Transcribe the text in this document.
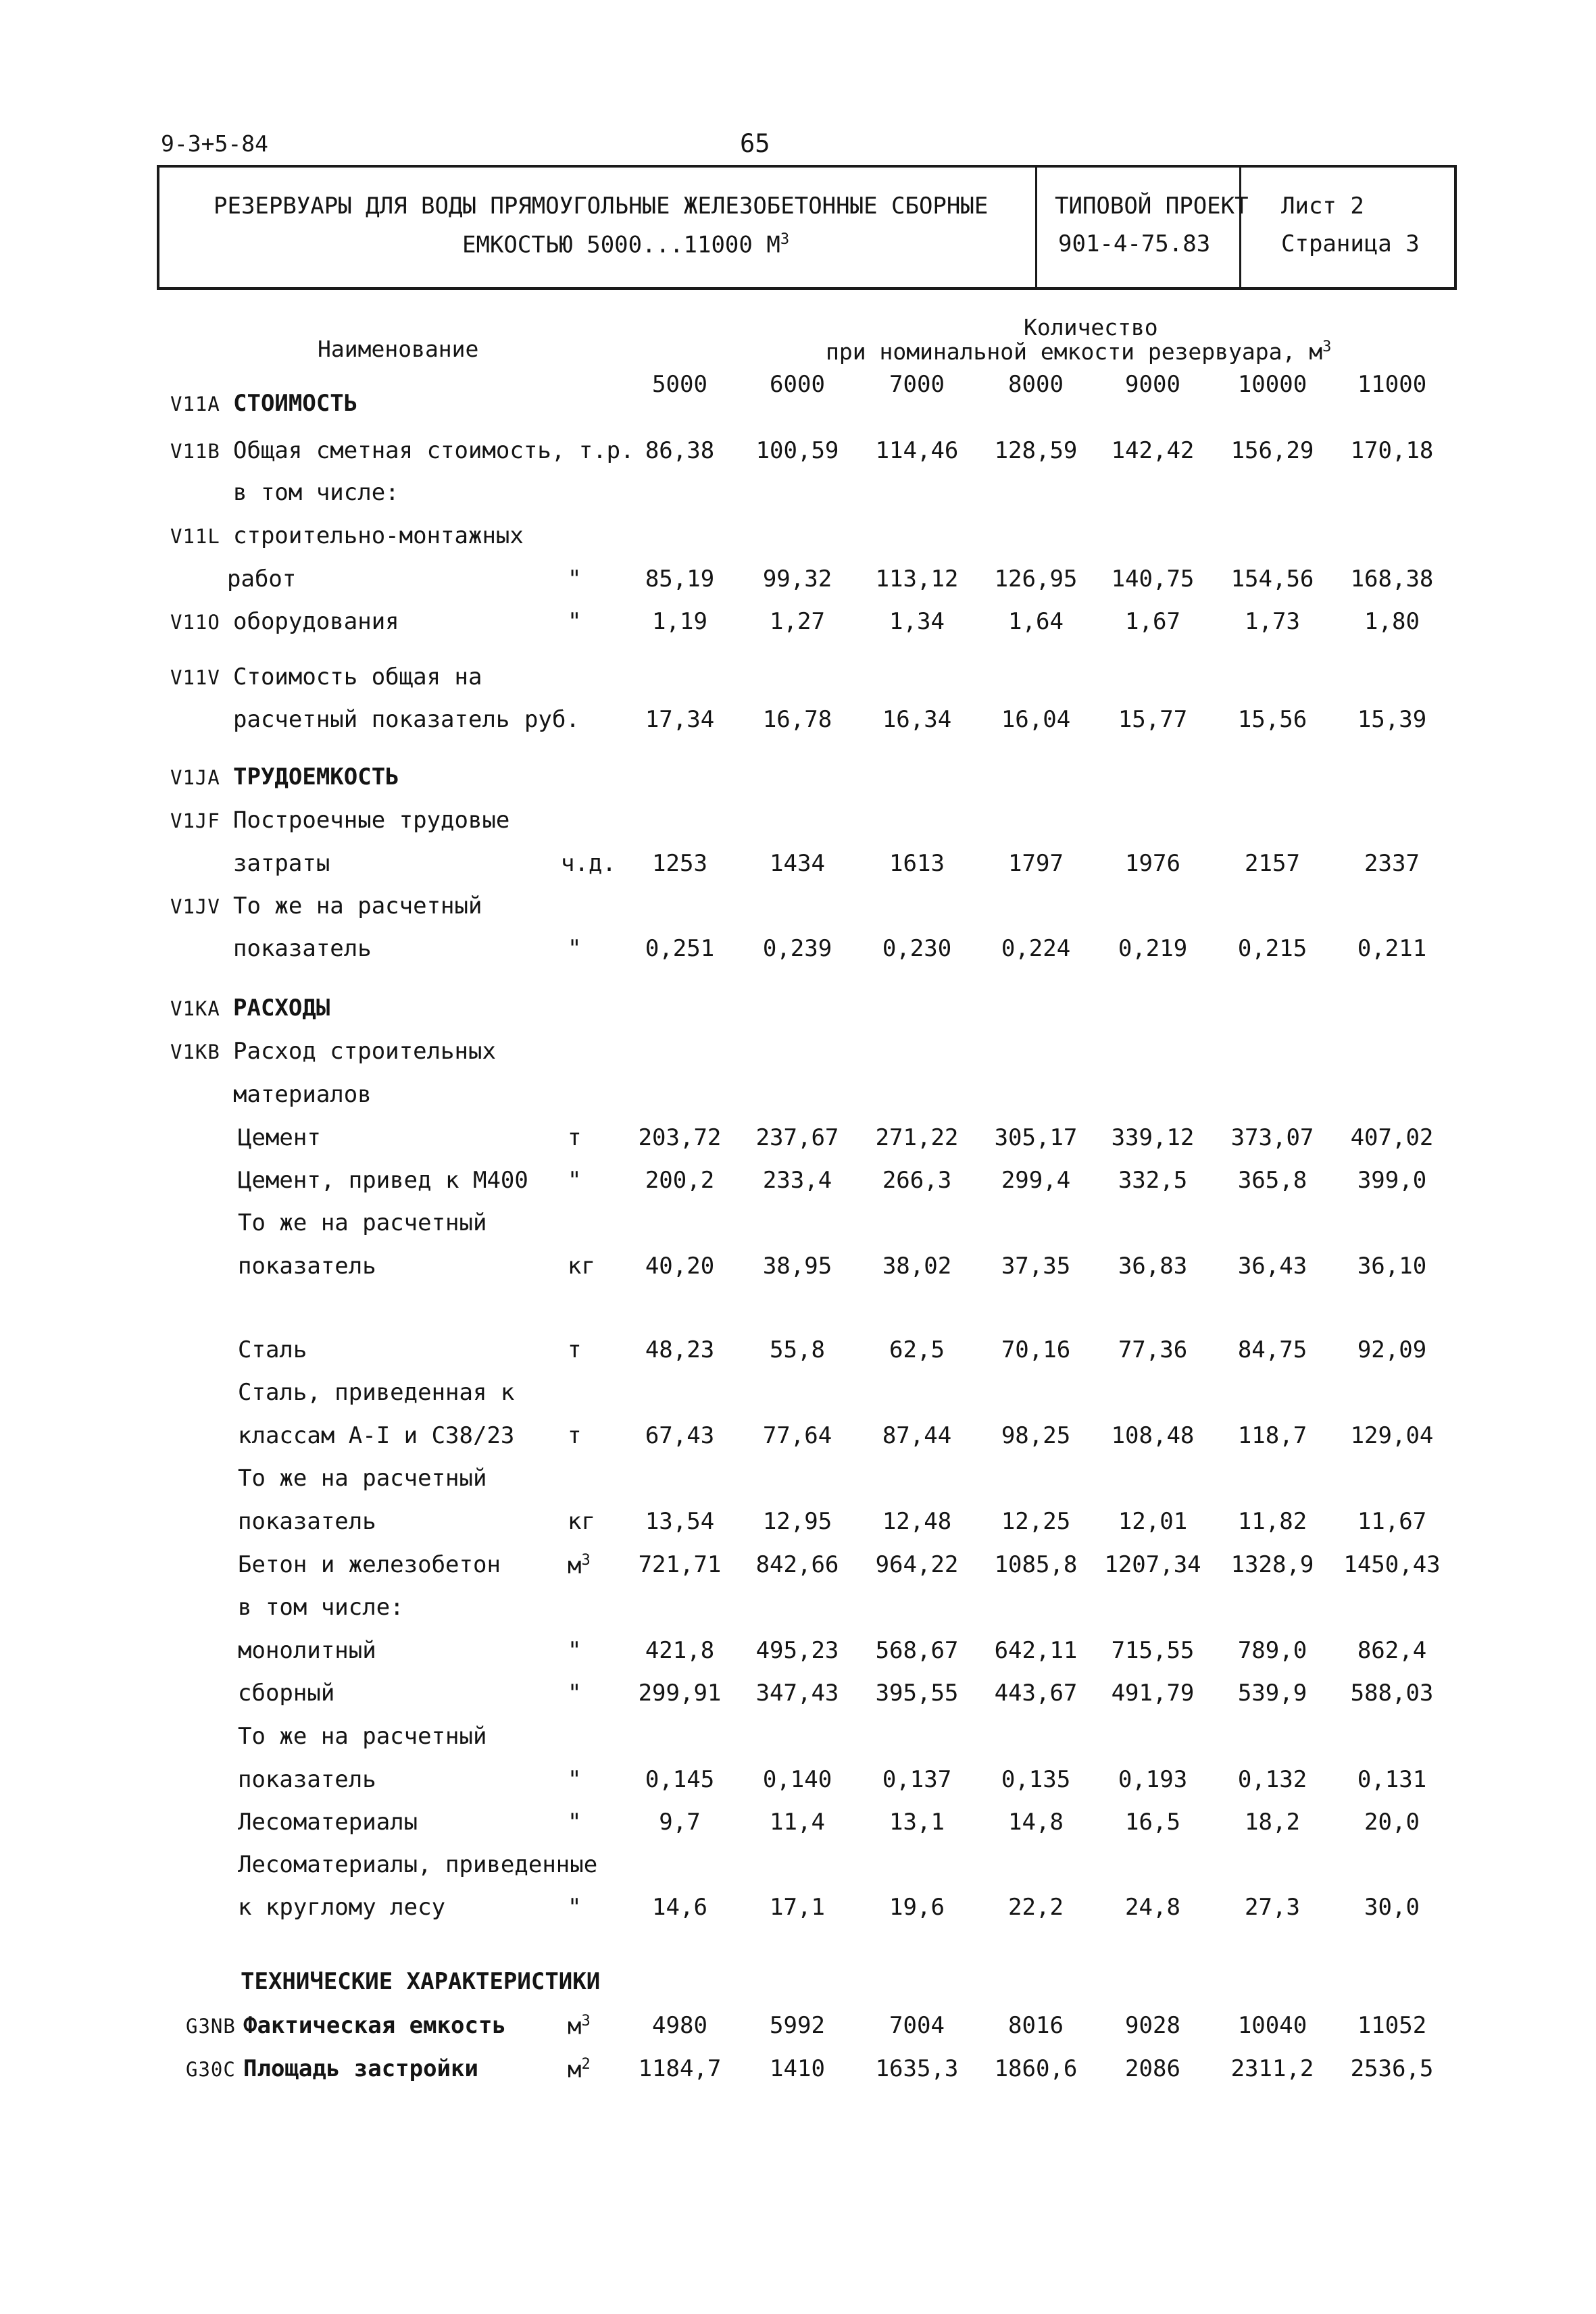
9-3+5-84	65
РЕЗЕРВУАРЫ ДЛЯ ВОДЫ ПРЯМОУГОЛЬНЫЕ ЖЕЛЕЗОБЕТОННЫЕ СБОРНЫЕ
ЕМКОСТЬЮ 5000...11000 $М^3$
ТИПОВОЙ ПРОЕКТ
901-4-75.83
Лист 2
Страница 3
Наименование
Количество
при номинальной емкости резервуара, $м^3$
5000	6000	7000	8000	9000	10000	11000
V11A СТОИМОСТЬ
V11B Общая сметная стоимость, т.р. 86,38	100,59	114,46	128,59	142,42	156,29	170,18
в том числе:
V11L строительно-монтажных
работ	"	85,19	99,32	113,12	126,95	140,75	154,56	168,38
V11O оборудования	"	1,19	1,27	1,34	1,64	1,67	1,73	1,80
V11V Стоимость общая на
расчетный показатель руб.	17,34	16,78	16,34	16,04	15,77	15,56	15,39
V1JA ТРУДОЕМКОСТЬ
V1JF Построечные трудовые
затраты	ч.д.	1253	1434	1613	1797	1976	2157	2337
V1JV То же на расчетный
показатель	"	0,251	0,239	0,230	0,224	0,219	0,215	0,211
V1KA РАСХОДЫ
V1KB Расход строительных
материалов
Цемент	т	203,72	237,67	271,22	305,17	339,12	373,07	407,02
Цемент, привед к М400 "	200,2	233,4	266,3	299,4	332,5	365,8	399,0
То же на расчетный
показатель	кг	40,20	38,95	38,02	37,35	36,83	36,43	36,10
Сталь	т	48,23	55,8	62,5	70,16	77,36	84,75	92,09
Сталь, приведенная к
классам А-I и С38/23 т	67,43	77,64	87,44	98,25	108,48	118,7	129,04
То же на расчетный
показатель	кг	13,54	12,95	12,48	12,25	12,01	11,82	11,67
Бетон и железобетон	$м^3$	721,71	842,66	964,22	1085,8	1207,34	1328,9	1450,43
в том числе:
монолитный	"	421,8	495,23	568,67	642,11	715,55	789,0	862,4
сборный	"	299,91	347,43	395,55	443,67	491,79	539,9	588,03
То же на расчетный
показатель	"	0,145	0,140	0,137	0,135	0,193	0,132	0,131
Лесоматериалы	"	9,7	11,4	13,1	14,8	16,5	18,2	20,0
Лесоматериалы, приведенные
к круглому лесу	"	14,6	17,1	19,6	22,2	24,8	27,3	30,0
ТЕХНИЧЕСКИЕ ХАРАКТЕРИСТИКИ
G3NB Фактическая емкость	$м^3$	4980	5992	7004	8016	9028	10040	11052
G30C Площадь застройки	$м^2$	1184,7	1410	1635,3	1860,6	2086	2311,2	2536,5
